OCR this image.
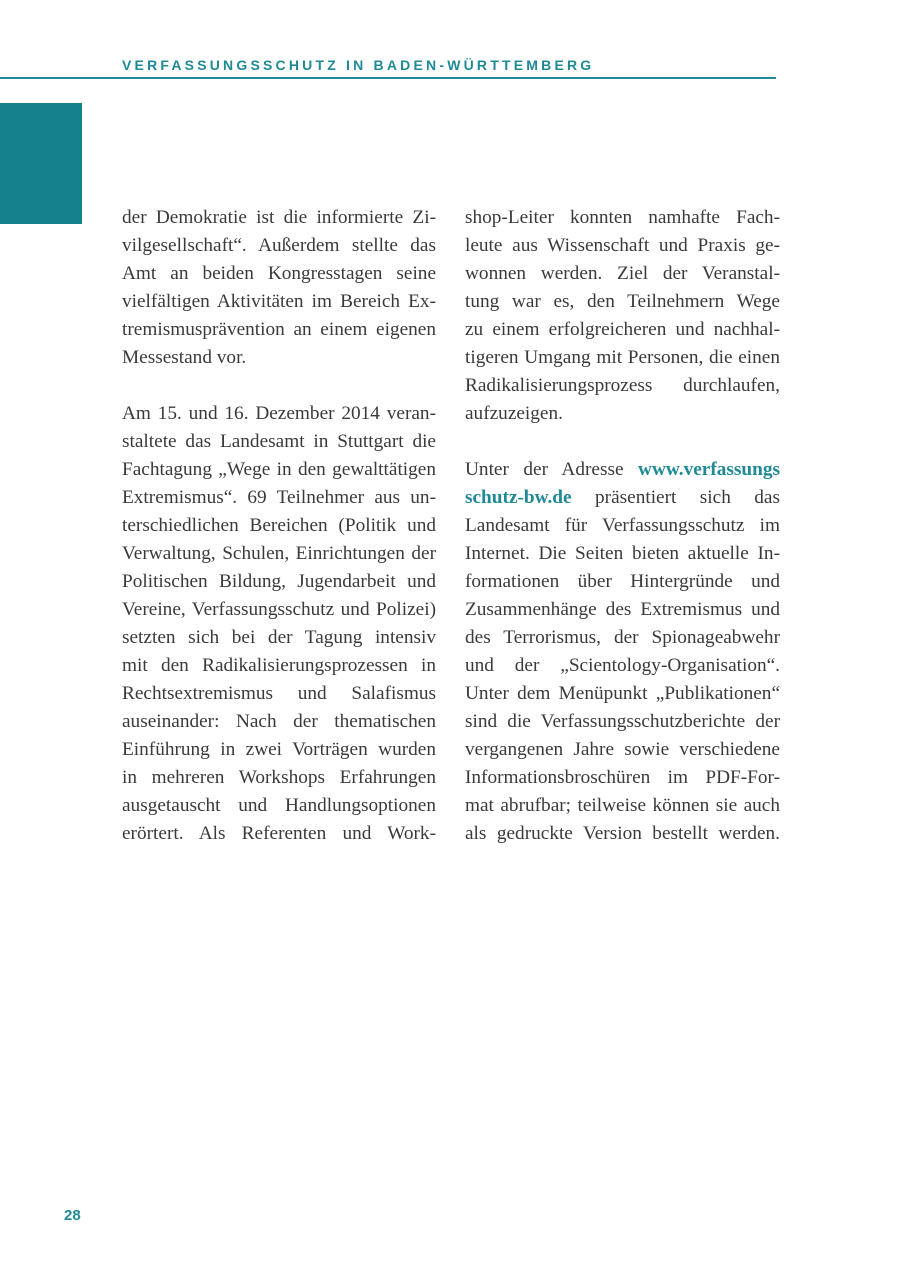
VERFASSUNGSSCHUTZ IN BADEN-WÜRTTEMBERG

der Demokratie ist die informierte Zi-
vilgesellschaft“. Außerdem stellte das
Amt an beiden Kongresstagen seine
vielfältigen Aktivitäten im Bereich Ex-
tremismusprävention an einem eigenen
Messestand vor.

Am 15. und 16. Dezember 2014 veran-
staltete das Landesamt in Stuttgart die
Fachtagung „Wege in den gewalttätigen
Extremismus“. 69 Teilnehmer aus un-
terschiedlichen Bereichen (Politik und
Verwaltung, Schulen, Einrichtungen der
Politischen Bildung, Jugendarbeit und
Vereine, Verfassungsschutz und Polizei)
setzten sich bei der Tagung intensiv
mit den Radikalisierungsprozessen in
Rechtsextremismus und Salafismus
auseinander: Nach der thematischen
Einführung in zwei Vorträgen wurden
in mehreren Workshops Erfahrungen
ausgetauscht und Handlungsoptionen
erörtert. Als Referenten und Work-

shop-Leiter konnten namhafte Fach-
leute aus Wissenschaft und Praxis ge-
wonnen werden. Ziel der Veranstal-
tung war es, den Teilnehmern Wege
zu einem erfolgreicheren und nachhal-
tigeren Umgang mit Personen, die einen
Radikalisierungsprozess durchlaufen,
aufzuzeigen.

Unter der Adresse www.verfassungs
schutz-bw.de präsentiert sich das
Landesamt für Verfassungsschutz im
Internet. Die Seiten bieten aktuelle In-
formationen über Hintergründe und
Zusammenhänge des Extremismus und
des Terrorismus, der Spionageabwehr
und der „Scientology-Organisation“.
Unter dem Menüpunkt „Publikationen“
sind die Verfassungsschutzberichte der
vergangenen Jahre sowie verschiedene
Informationsbroschüren im PDF-For-
mat abrufbar; teilweise können sie auch
als gedruckte Version bestellt werden.

28
